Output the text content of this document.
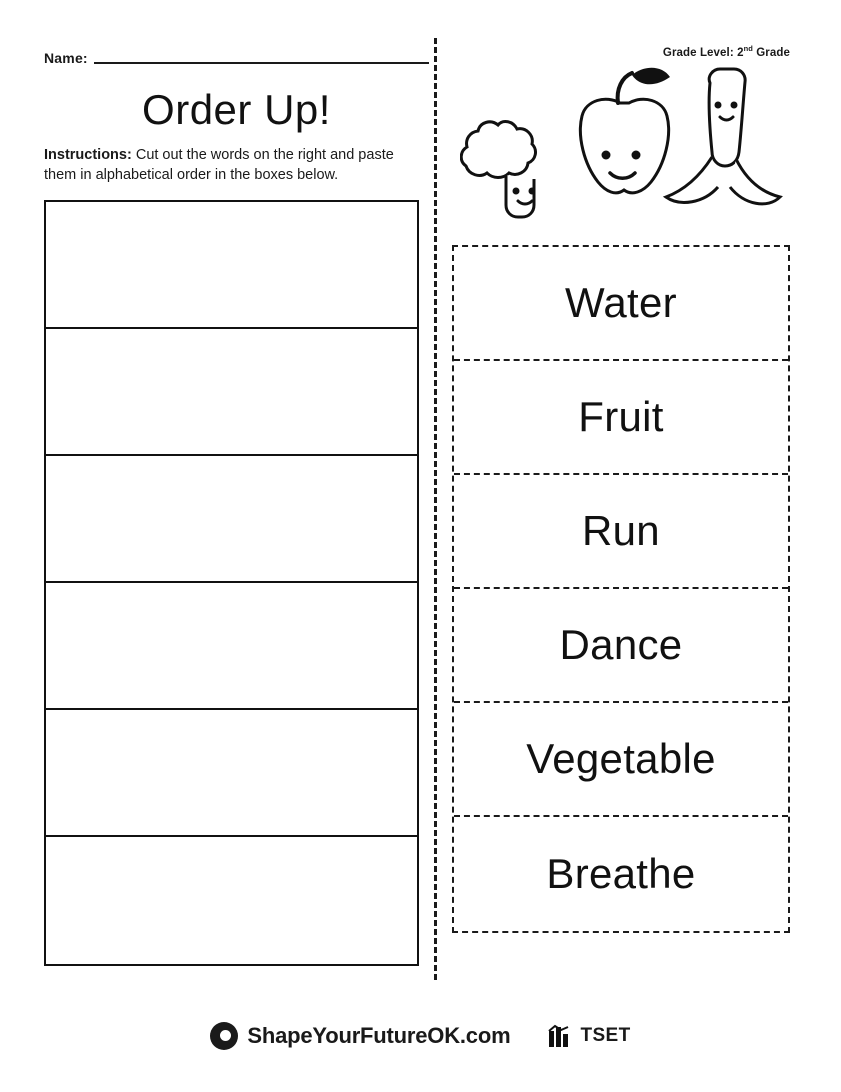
Name:
Order Up!

Instructions: Cut out the words on the right and paste them in alphabetical order in the boxes below.

Grade Level: 2nd Grade
Water
Fruit
Run
Dance
Vegetable
Breathe
ShapeYourFutureOK.com	TSET
